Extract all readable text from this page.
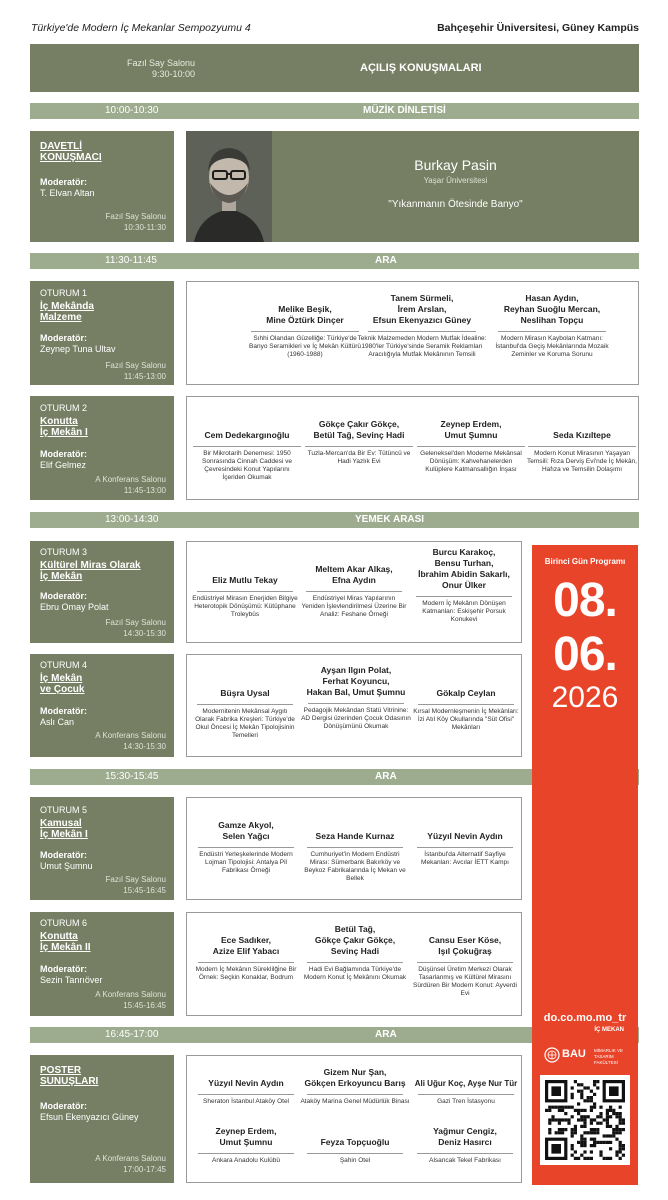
Türkiye'de Modern İç Mekanlar Sempozyumu 4	Bahçeşehir Üniversitesi, Güney Kampüs
Fazıl Say Salonu
9:30-10:00	AÇILIŞ KONUŞMALARI
10:00-10:30	MÜZİK DİNLETİSİ
DAVETLİ
KONUŞMACI
Moderatör:
T. Elvan Altan
Fazıl Say Salonu
10:30-11:30
Burkay Pasin
Yaşar Üniversitesi
"Yıkanmanın Ötesinde Banyo"
11:30-11:45	ARA
13:00-14:30	YEMEK ARASI
15:30-15:45	ARA
16:45-17:00	ARA
OTURUM 1
İç Mekânda
Malzeme
Moderatör:
Zeynep Tuna Ultav
Fazıl Say Salonu
11:45-13:00
OTURUM 2
Konutta
İç Mekân I
Moderatör:
Elif Gelmez
A Konferans Salonu
11:45-13:00
OTURUM 3
Kültürel Miras Olarak
İç Mekân
Moderatör:
Ebru Omay Polat
Fazıl Say Salonu
14:30-15:30
OTURUM 4
İç Mekân
ve Çocuk
Moderatör:
Aslı Can
A Konferans Salonu
14:30-15:30
OTURUM 5
Kamusal
İç Mekân I
Moderatör:
Umut Şumnu
Fazıl Say Salonu
15:45-16:45
OTURUM 6
Konutta
İç Mekân II
Moderatör:
Sezin Tanrıöver
A Konferans Salonu
15:45-16:45
POSTER
SUNUŞLARI
Moderatör:
Efsun Ekenyazıcı Güney
A Konferans Salonu
17:00-17:45
Melike Beşik,
Mine Öztürk Dinçer
Sıhhi Olandan Güzelliğe: Türkiye'de Banyo Seramikleri ve İç Mekân Kültürü (1960-1988)
Tanem Sürmeli,
İrem Arslan,
Efsun Ekenyazıcı Güney
Teknik Malzemeden Modern Mutfak İdealine: 1980'ler Türkiye'sinde Seramik Reklamları Aracılığıyla Mutfak Mekânının Temsili
Hasan Aydın,
Reyhan Suoğlu Mercan,
Neslihan Topçu
Modern Mirasın Kaybolan Katmanı: İstanbul'da Geçiş Mekânlarında Mozaik Zeminler ve Koruma Sorunu
Cem Dedekargınoğlu
Bir Mikrotarih Denemesi: 1950 Sonrasında Cinnah Caddesi ve Çevresindeki Konut Yapılarını İçeriden Okumak
Gökçe Çakır Gökçe,
Betül Tağ, Sevinç Hadi
Tuzla-Mercan'da Bir Ev: Tütüncü ve Hadi Yazlık Evi
Zeynep Erdem,
Umut Şumnu
Geleneksel'den Moderne Mekânsal Dönüşüm: Kahvehanelerden Kulüplere Katmansallığın İnşası
Seda Kızıltepe
Modern Konut Mirasının Yaşayan Temsili: Rıza Derviş Evi'nde İç Mekân, Hafıza ve Temsilin Dolaşımı
Eliz Mutlu Tekay
Endüstriyel Mirasın Enerjiden Bilgiye Heterotopik Dönüşümü: Kütüphane Troleybüs
Meltem Akar Alkaş,
Efna Aydın
Endüstriyel Miras Yapılarının Yeniden İşlevlendirilmesi Üzerine Bir Analiz: Feshane Örneği
Burcu Karakoç,
Bensu Turhan,
İbrahim Abidin Sakarlı,
Onur Ülker
Modern İç Mekânın Dönüşen Katmanları: Eskişehir Porsuk Konukevi
Büşra Uysal
Modernitenin Mekânsal Aygıtı Olarak Fabrika Kreşleri: Türkiye'de Okul Öncesi İç Mekân Tipolojisinin Temelleri
Ayşan Ilgın Polat,
Ferhat Koyuncu,
Hakan Bal, Umut Şumnu
Pedagojik Mekândan Statü Vitrinine: AD Dergisi üzerinden Çocuk Odasının Dönüşümünü Okumak
Gökalp Ceylan
Kırsal Modernleşmenin İç Mekânları: İzi Atıl Köy Okullarında "Süt Ofisi" Mekânları
Gamze Akyol,
Selen Yağcı
Endüstri Yerleşkelerinde Modern Lojman Tipolojisi: Antalya Pil Fabrikası Örneği
Seza Hande Kurnaz
Cumhuriyet'in Modern Endüstri Mirası: Sümerbank Bakırköy ve Beykoz Fabrikalarında İç Mekan ve Bellek
Yüzyıl Nevin Aydın
İstanbul'da Alternatif Sayfiye Mekanları: Avcılar İETT Kampı
Ece Sadıker,
Azize Elif Yabacı
Modern İç Mekânın Süreklilği̇ne Bir Örnek: Seçkin Konaklar, Bodrum
Betül Tağ,
Gökçe Çakır Gökçe,
Sevinç Hadi
Hadi Evi Bağlamında Türkiye'de Modern Konut İç Mekânını Okumak
Cansu Eser Köse,
Işıl Çokuğraş
Düşünsel Üretim Merkezi Olarak Tasarlanmış ve Kültürel Mirasını Sürdüren Bir Modern Konut: Ayverdi Evi
Yüzyıl Nevin Aydın
Sheraton İstanbul Ataköy Otel
Gizem Nur Şan,
Gökçen Erkoyuncu Barış
Ataköy Marina Genel Müdürlük Binası
Ali Uğur Koç, Ayşe Nur Tür
Gazi Tren İstasyonu
Zeynep Erdem,
Umut Şumnu
Ankara Anadolu Kulübü
Feyza Topçuoğlu
Şahin Otel
Yağmur Cengiz,
Deniz Hasırcı
Alsancak Tekel Fabrikası
Birinci Gün Programı
08.
06.
2026
do.co.mo.mo_tr
İÇ MEKAN
BAU MİMARLIK VE
TASARIM FAKÜLTESİ
